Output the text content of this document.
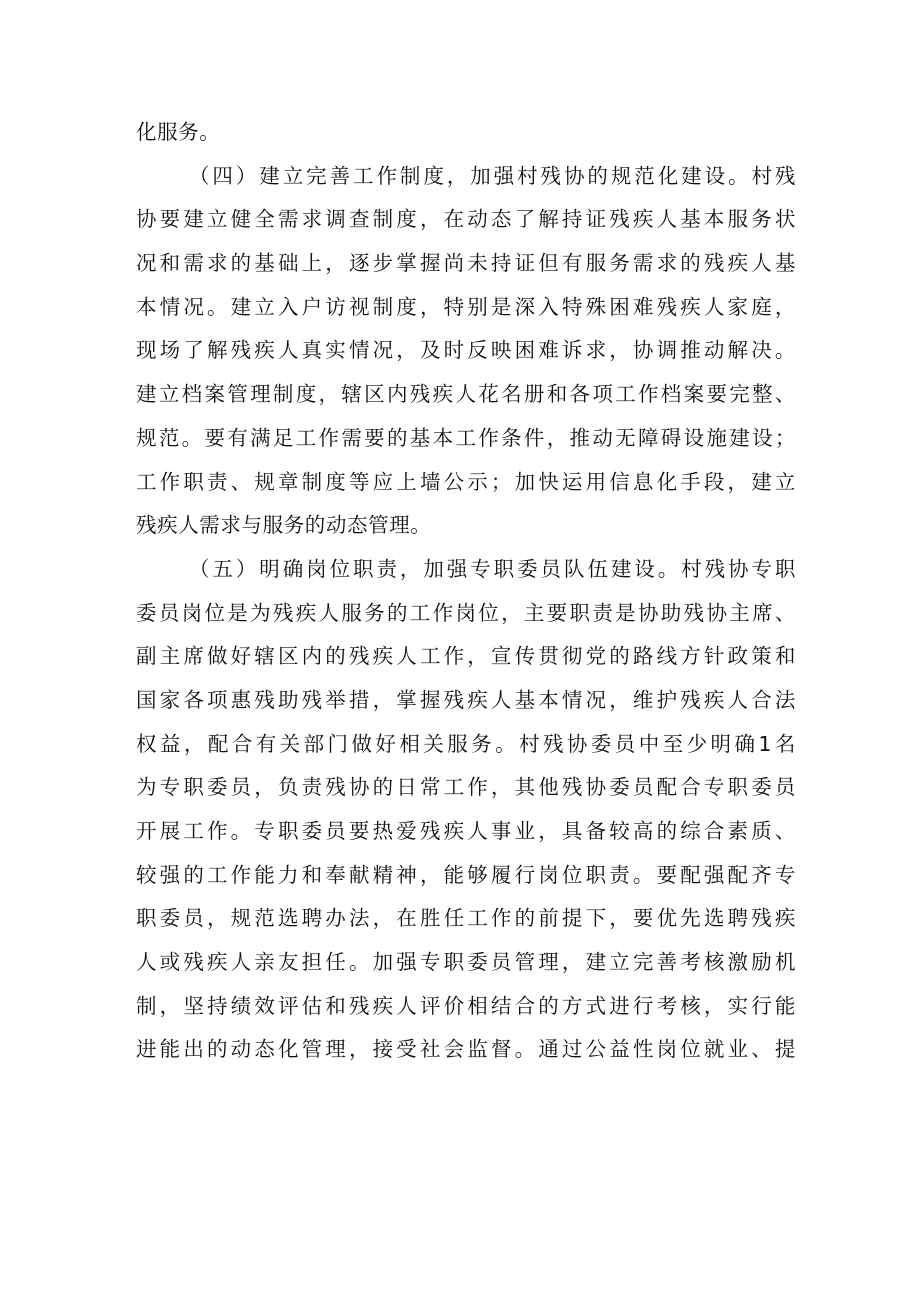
化服务。
（四）建立完善工作制度，加强村残协的规范化建设。村残
协要建立健全需求调查制度，在动态了解持证残疾人基本服务状
况和需求的基础上，逐步掌握尚未持证但有服务需求的残疾人基
本情况。建立入户访视制度，特别是深入特殊困难残疾人家庭，
现场了解残疾人真实情况，及时反映困难诉求，协调推动解决。
建立档案管理制度，辖区内残疾人花名册和各项工作档案要完整、
规范。要有满足工作需要的基本工作条件，推动无障碍设施建设；
工作职责、规章制度等应上墙公示；加快运用信息化手段，建立
残疾人需求与服务的动态管理。
（五）明确岗位职责，加强专职委员队伍建设。村残协专职
委员岗位是为残疾人服务的工作岗位，主要职责是协助残协主席、
副主席做好辖区内的残疾人工作，宣传贯彻党的路线方针政策和
国家各项惠残助残举措，掌握残疾人基本情况，维护残疾人合法
权益，配合有关部门做好相关服务。村残协委员中至少明确1名
为专职委员，负责残协的日常工作，其他残协委员配合专职委员
开展工作。专职委员要热爱残疾人事业，具备较高的综合素质、
较强的工作能力和奉献精神，能够履行岗位职责。要配强配齐专
职委员，规范选聘办法，在胜任工作的前提下，要优先选聘残疾
人或残疾人亲友担任。加强专职委员管理，建立完善考核激励机
制，坚持绩效评估和残疾人评价相结合的方式进行考核，实行能
进能出的动态化管理，接受社会监督。通过公益性岗位就业、提
